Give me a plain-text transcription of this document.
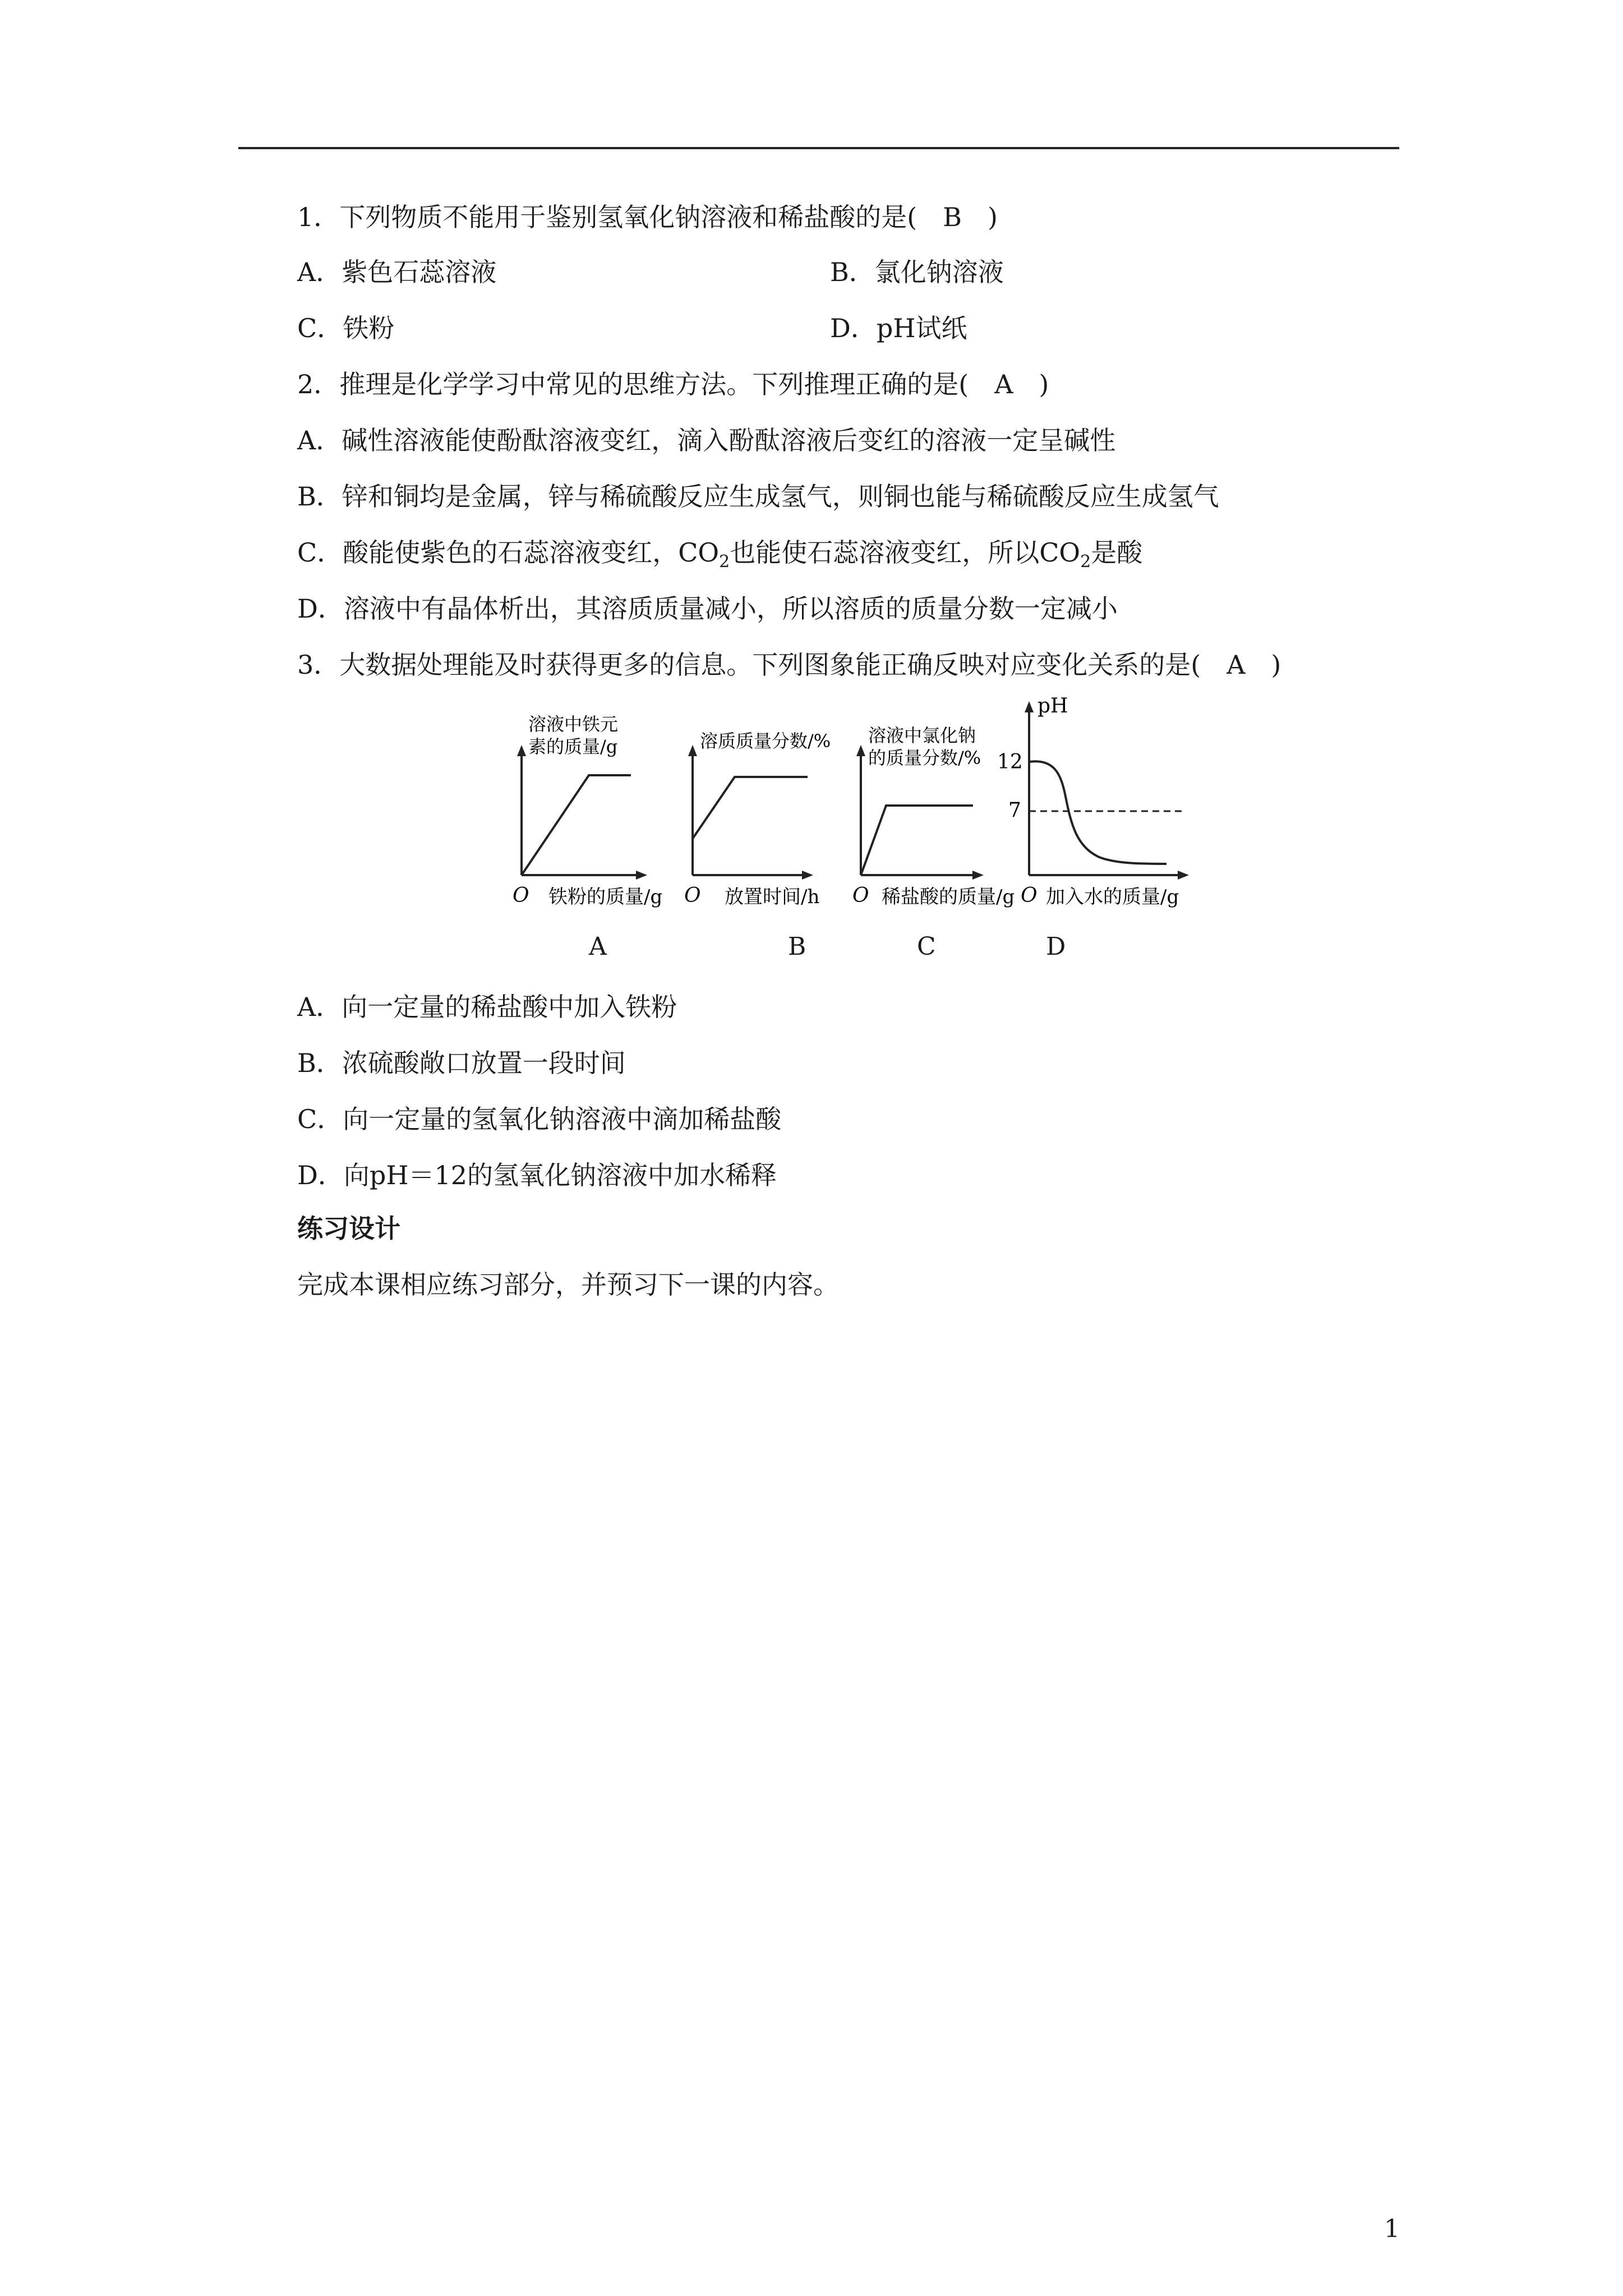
1．下列物质不能用于鉴别氢氧化钠溶液和稀盐酸的是(　B　)
A．紫色石蕊溶液	B．氯化钠溶液
C．铁粉	D．pH试纸
2．推理是化学学习中常见的思维方法。下列推理正确的是(　A　)
A．碱性溶液能使酚酞溶液变红，滴入酚酞溶液后变红的溶液一定呈碱性
B．锌和铜均是金属，锌与稀硫酸反应生成氢气，则铜也能与稀硫酸反应生成氢气
C．酸能使紫色的石蕊溶液变红，$CO_2$也能使石蕊溶液变红，所以$CO_2$是酸
D．溶液中有晶体析出，其溶质质量减小，所以溶质的质量分数一定减小
3．大数据处理能及时获得更多的信息。下列图象能正确反映对应变化关系的是(　A　)
溶液中铁元
素的质量/g
O 铁粉的质量/g
溶质质量分数/%
O 放置时间/h
溶液中氯化钠
的质量分数/%
O 稀盐酸的质量/g
pH
12
7
O 加入水的质量/g
A	B	C	D
A．向一定量的稀盐酸中加入铁粉
B．浓硫酸敞口放置一段时间
C．向一定量的氢氧化钠溶液中滴加稀盐酸
D．向pH＝12的氢氧化钠溶液中加水稀释
练习设计
完成本课相应练习部分，并预习下一课的内容。
1
